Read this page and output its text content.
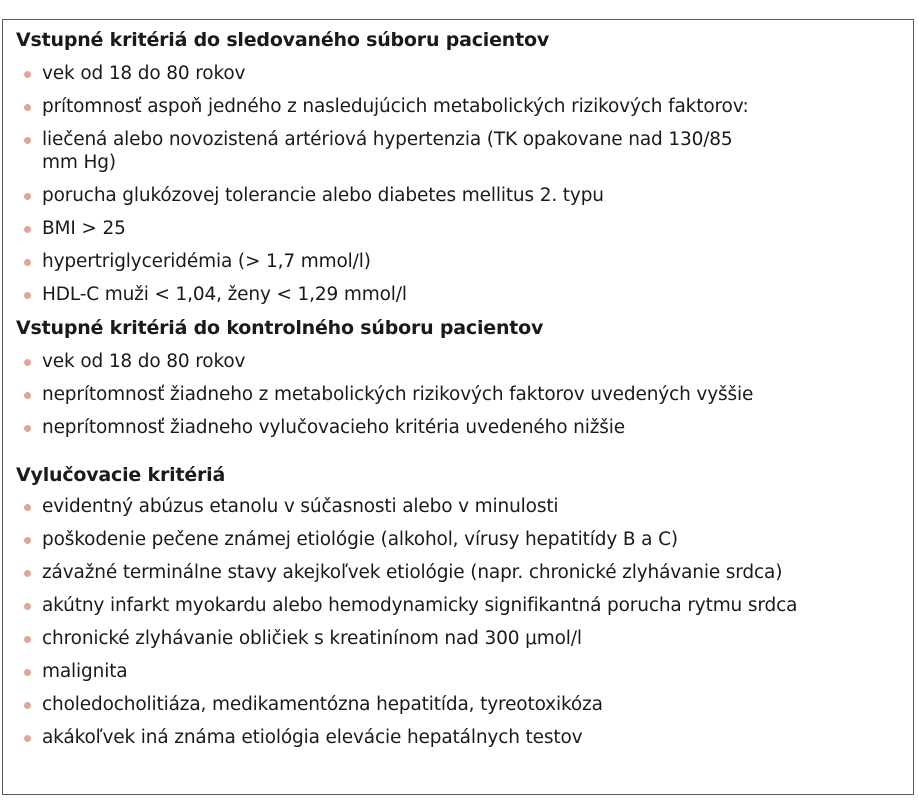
Vstupné kritériá do sledovaného súboru pacientov

vek od 18 do 80 rokov
prítomnosť aspoň jedného z nasledujúcich metabolických rizikových faktorov:
liečená alebo novozistená artériová hypertenzia (TK opakovane nad 130/85 mm Hg)
porucha glukózovej tolerancie alebo diabetes mellitus 2. typu
BMI > 25
hypertriglyceridémia (> 1,7 mmol/l)
HDL-C muži < 1,04, ženy < 1,29 mmol/l

Vstupné kritériá do kontrolného súboru pacientov

vek od 18 do 80 rokov
neprítomnosť žiadneho z metabolických rizikových faktorov uvedených vyššie
neprítomnosť žiadneho vylučovacieho kritéria uvedeného nižšie

Vylučovacie kritériá

evidentný abúzus etanolu v súčasnosti alebo v minulosti
poškodenie pečene známej etiológie (alkohol, vírusy hepatitídy B a C)
závažné terminálne stavy akejkoľvek etiológie (napr. chronické zlyhávanie srdca)
akútny infarkt myokardu alebo hemodynamicky signifikantná porucha rytmu srdca
chronické zlyhávanie obličiek s kreatinínom nad 300 μmol/l
malignita
choledocholitiáza, medikamentózna hepatitída, tyreotoxikóza
akákoľvek iná známa etiológia elevácie hepatálnych testov
